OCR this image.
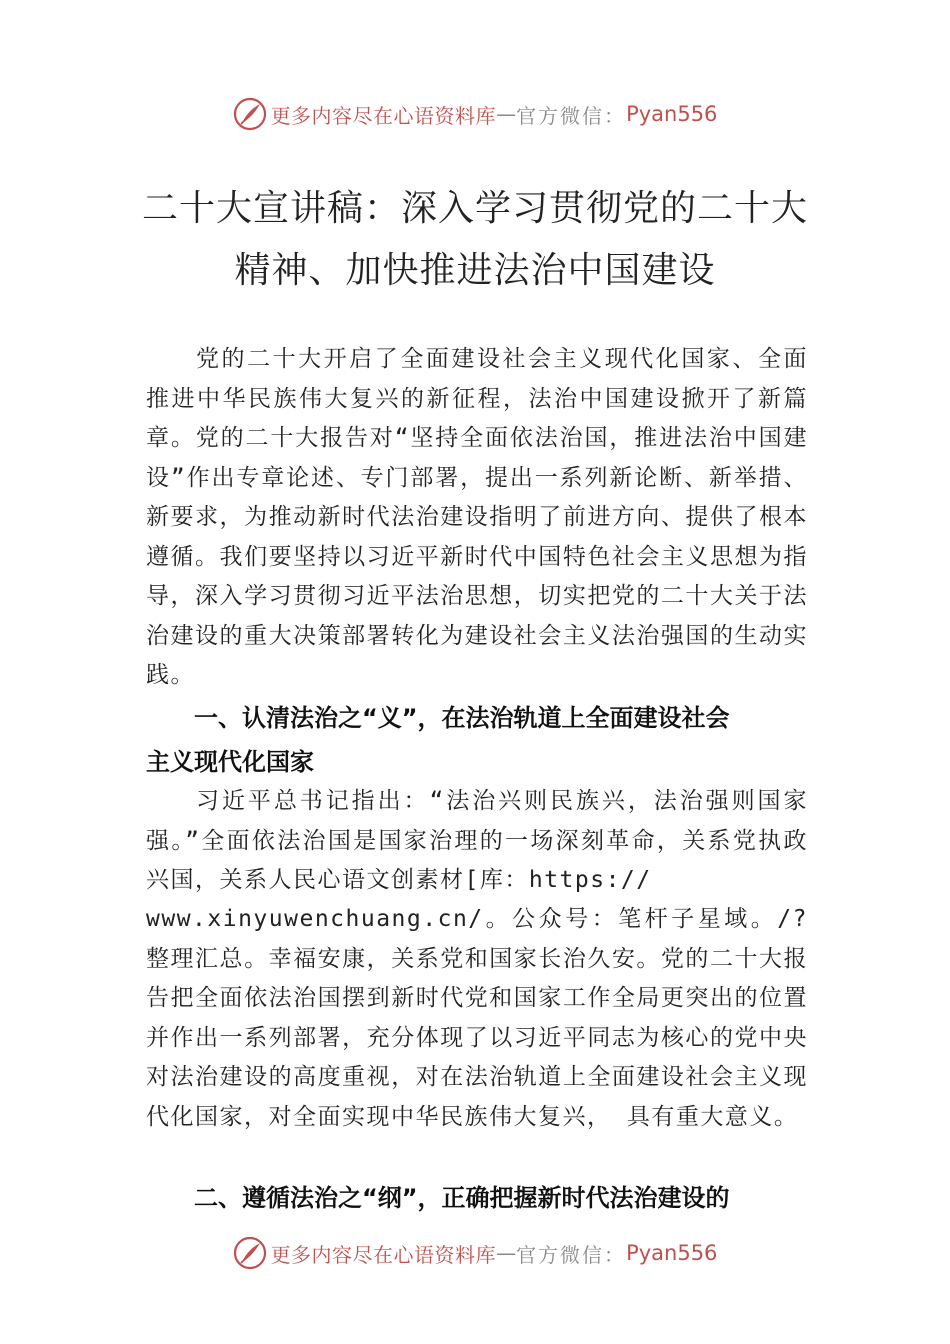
更多内容尽在心语资料库 — 官方微信： Pyan556
二十大宣讲稿：深入学习贯彻党的二十大
精神、加快推进法治中国建设

党的二十大开启了全面建设社会主义现代化国家、全面推进中华民族伟大复兴的新征程，法治中国建设掀开了新篇章。党的二十大报告对“坚持全面依法治国，推进法治中国建设”作出专章论述、专门部署，提出一系列新论断、新举措、新要求，为推动新时代法治建设指明了前进方向、提供了根本遵循。我们要坚持以习近平新时代中国特色社会主义思想为指导，深入学习贯彻习近平法治思想，切实把党的二十大关于法治建设的重大决策部署转化为建设社会主义法治强国的生动实践。

一、认清法治之“义”，在法治轨道上全面建设社会
主义现代化国家

习近平总书记指出：“法治兴则民族兴，法治强则国家强。”全面依法治国是国家治理的一场深刻革命，关系党执政兴国，关系人民心语文创素材[库：https://

www.xinyuwenchuang.cn/。公众号：笔杆子星域。/?整理汇总。幸福安康，关系党和国家长治久安。党的二十大报告把全面依法治国摆到新时代党和国家工作全局更突出的位置并作出一系列部署，充分体现了以习近平同志为核心的党中央对法治建设的高度重视，对在法治轨道上全面建设社会主义现代化国家，对全面实现中华民族伟大复兴， 具有重大意义。

二、遵循法治之“纲”，正确把握新时代法治建设的
更多内容尽在心语资料库 — 官方微信： Pyan556
